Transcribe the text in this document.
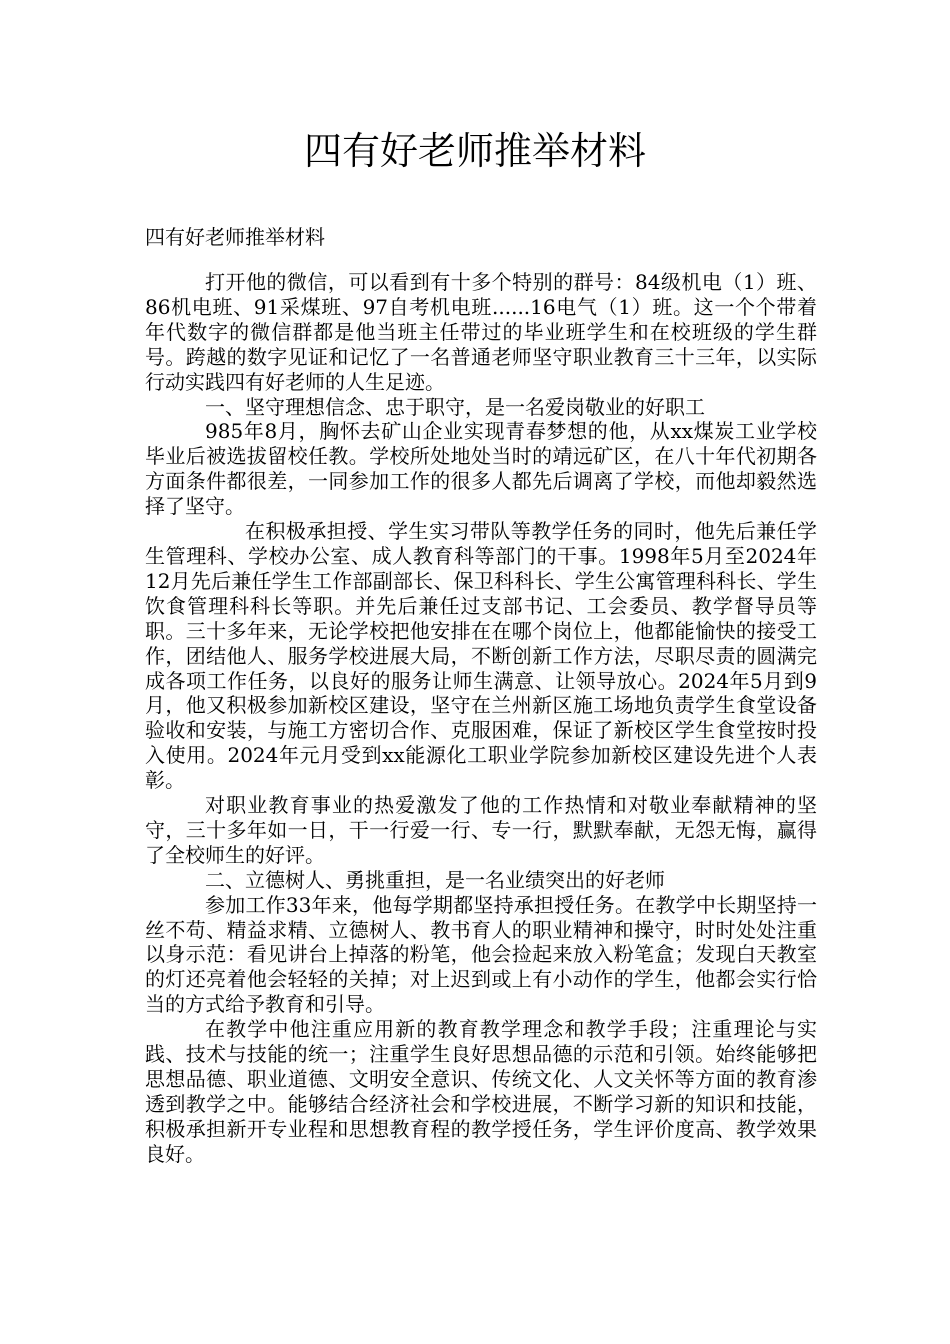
四有好老师推举材料

四有好老师推举材料

打开他的微信，可以看到有十多个特别的群号：84级机电（1）班、86机电班、91采煤班、97自考机电班......16电气（1）班。这一个个带着年代数字的微信群都是他当班主任带过的毕业班学生和在校班级的学生群号。跨越的数字见证和记忆了一名普通老师坚守职业教育三十三年，以实际行动实践四有好老师的人生足迹。

一、坚守理想信念、忠于职守，是一名爱岗敬业的好职工

985年8月，胸怀去矿山企业实现青春梦想的他，从xx煤炭工业学校毕业后被选拔留校任教。学校所处地处当时的靖远矿区，在八十年代初期各方面条件都很差，一同参加工作的很多人都先后调离了学校，而他却毅然选择了坚守。

在积极承担授、学生实习带队等教学任务的同时，他先后兼任学生管理科、学校办公室、成人教育科等部门的干事。1998年5月至2024年12月先后兼任学生工作部副部长、保卫科科长、学生公寓管理科科长、学生饮食管理科科长等职。并先后兼任过支部书记、工会委员、教学督导员等职。三十多年来，无论学校把他安排在在哪个岗位上，他都能愉快的接受工作，团结他人、服务学校进展大局，不断创新工作方法，尽职尽责的圆满完成各项工作任务，以良好的服务让师生满意、让领导放心。2024年5月到9月，他又积极参加新校区建设，坚守在兰州新区施工场地负责学生食堂设备验收和安装，与施工方密切合作、克服困难，保证了新校区学生食堂按时投入使用。2024年元月受到xx能源化工职业学院参加新校区建设先进个人表彰。

对职业教育事业的热爱激发了他的工作热情和对敬业奉献精神的坚守，三十多年如一日，干一行爱一行、专一行，默默奉献，无怨无悔，赢得了全校师生的好评。

二、立德树人、勇挑重担，是一名业绩突出的好老师

参加工作33年来，他每学期都坚持承担授任务。在教学中长期坚持一丝不苟、精益求精、立德树人、教书育人的职业精神和操守，时时处处注重以身示范：看见讲台上掉落的粉笔，他会捡起来放入粉笔盒；发现白天教室的灯还亮着他会轻轻的关掉；对上迟到或上有小动作的学生，他都会实行恰当的方式给予教育和引导。

在教学中他注重应用新的教育教学理念和教学手段；注重理论与实践、技术与技能的统一；注重学生良好思想品德的示范和引领。始终能够把思想品德、职业道德、文明安全意识、传统文化、人文关怀等方面的教育渗透到教学之中。能够结合经济社会和学校进展，不断学习新的知识和技能，积极承担新开专业程和思想教育程的教学授任务，学生评价度高、教学效果良好。
